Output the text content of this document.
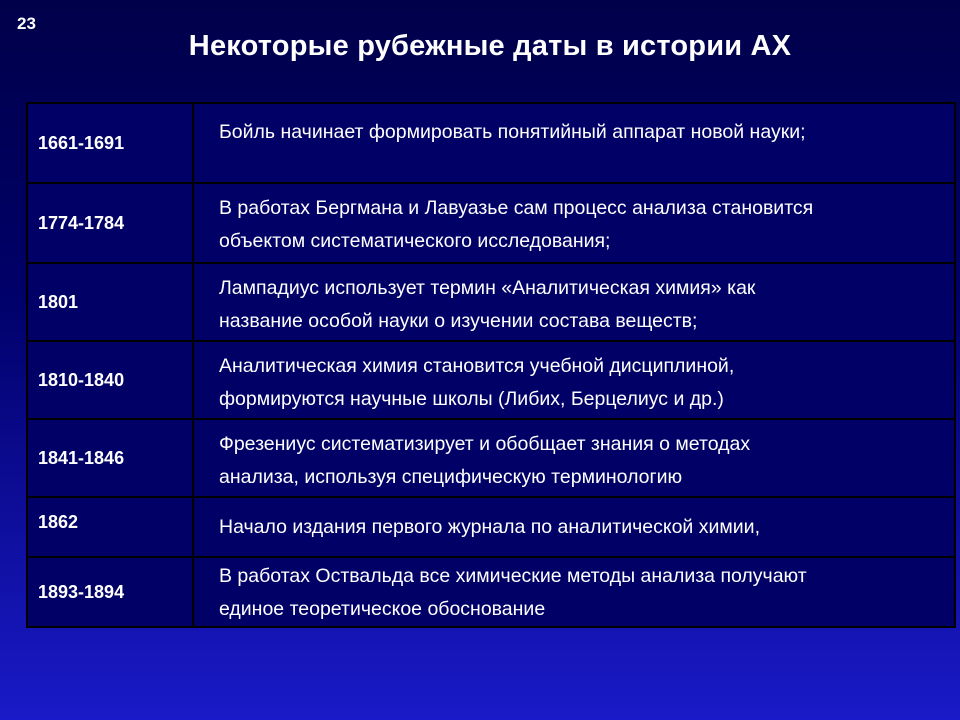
23
Некоторые рубежные даты в истории АХ
1661-1691	Бойль начинает формировать понятийный аппарат новой науки;

1774-1784	В работах Бергмана и Лавуазье сам процесс анализа становится
объектом систематического исследования;

1801	Лампадиус использует термин «Аналитическая химия» как
название особой науки о изучении состава веществ;

1810-1840	Аналитическая химия становится учебной дисциплиной,
формируются научные школы (Либих, Берцелиус и др.)

1841-1846	Фрезениус систематизирует и обобщает знания о методах
анализа, используя специфическую терминологию

1862	Начало издания первого журнала по аналитической химии,

1893-1894	В работах Оствальда все химические методы анализа получают
единое теоретическое обоснование
